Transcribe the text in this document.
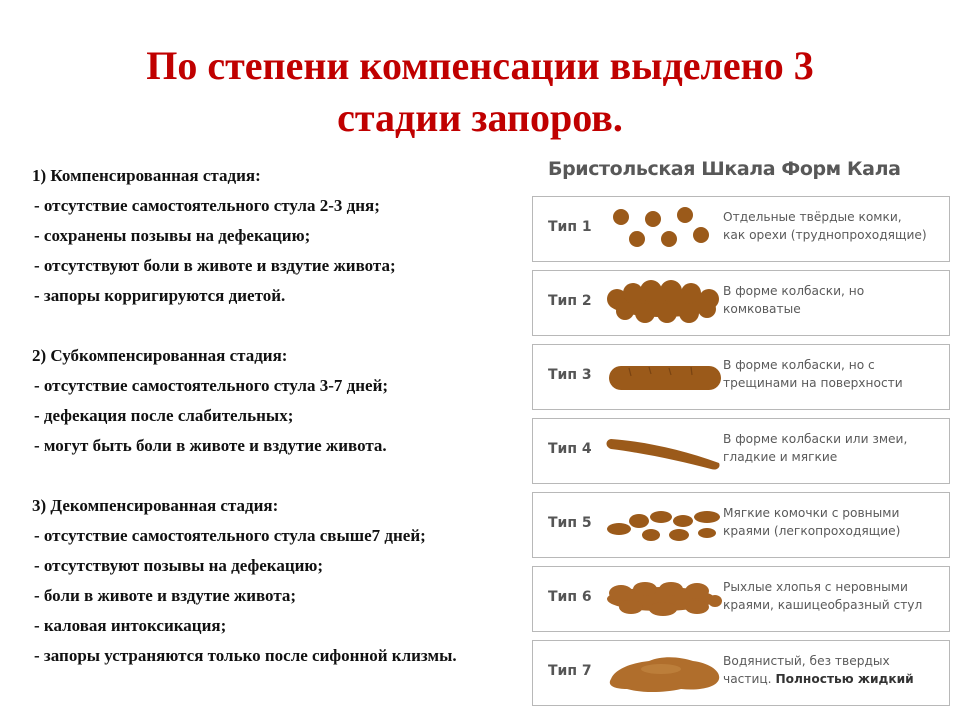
По степени компенсации выделено 3
стадии запоров.
1) Компенсированная стадия:
- отсутствие самостоятельного стула 2-3 дня;
- сохранены позывы на дефекацию;
- отсутствуют боли в животе и вздутие живота;
- запоры корригируются диетой.
2) Субкомпенсированная стадия:
- отсутствие самостоятельного стула 3-7 дней;
- дефекация после слабительных;
- могут быть боли в животе и вздутие живота.
3) Декомпенсированная стадия:
- отсутствие самостоятельного стула свыше7 дней;
- отсутствуют позывы на дефекацию;
- боли в животе и вздутие живота;
- каловая интоксикация;
- запоры устраняются только после сифонной клизмы.
Бристольская Шкала Форм Кала
Тип 1
Отдельные твёрдые комки,
как орехи (труднопроходящие)
Тип 2
В форме колбаски, но
комковатые
Тип 3
В форме колбаски, но с
трещинами на поверхности
Тип 4
В форме колбаски или змеи,
гладкие и мягкие
Тип 5
Мягкие комочки с ровными
краями (легкопроходящие)
Тип 6
Рыхлые хлопья с неровными
краями, кашицеобразный стул
Тип 7
Водянистый, без твердых
частиц. Полностью жидкий
